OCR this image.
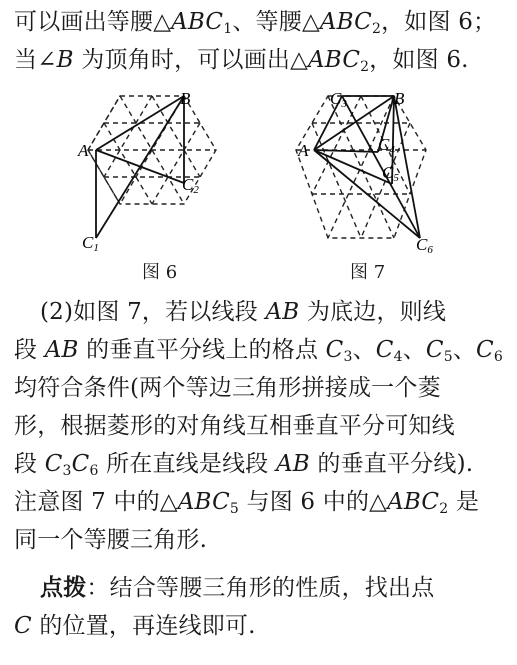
可以画出等腰$\triangle ABC_1$、等腰$\triangle ABC_2$，如图 6；
当∠B 为顶角时，可以画出$\triangle ABC_2$，如图 6.
A
B
C2
C1
图 6
A
B
C3
C4
C5
C6
图 7
(2)如图 7，若以线段 AB 为底边，则线
段 AB 的垂直平分线上的格点 $C_3$、$C_4$、$C_5$、$C_6$
均符合条件(两个等边三角形拼接成一个菱
形，根据菱形的对角线互相垂直平分可知线
段 $C_3C_6$ 所在直线是线段 AB 的垂直平分线).
注意图 7 中的$\triangle ABC_5$ 与图 6 中的$\triangle ABC_2$ 是
同一个等腰三角形.
点拨：结合等腰三角形的性质，找出点
C 的位置，再连线即可.
